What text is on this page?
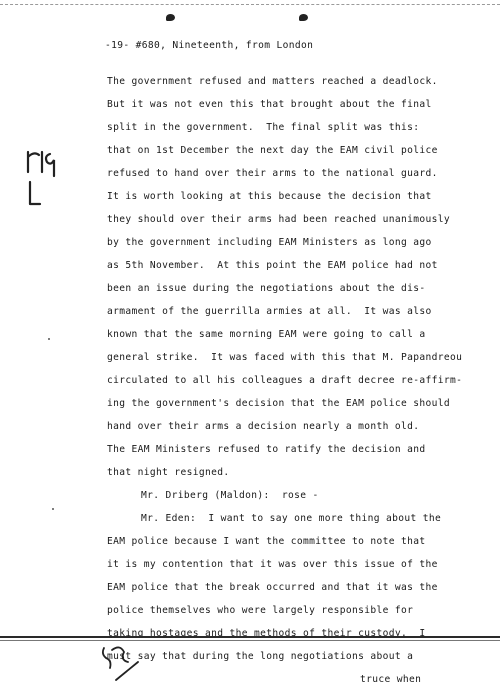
-19- #680, Nineteenth, from London
The government refused and matters reached a deadlock.
But it was not even this that brought about the final
split in the government.  The final split was this:
that on 1st December the next day the EAM civil police
refused to hand over their arms to the national guard.
It is worth looking at this because the decision that
they should over their arms had been reached unanimously
by the government including EAM Ministers as long ago
as 5th November.  At this point the EAM police had not
been an issue during the negotiations about the dis-
armament of the guerrilla armies at all.  It was also
known that the same morning EAM were going to call a
general strike.  It was faced with this that M. Papandreou
circulated to all his colleagues a draft decree re-affirm-
ing the government's decision that the EAM police should
hand over their arms a decision nearly a month old.
The EAM Ministers refused to ratify the decision and
that night resigned.
Mr. Driberg (Maldon):  rose -
Mr. Eden:  I want to say one more thing about the
EAM police because I want the committee to note that
it is my contention that it was over this issue of the
EAM police that the break occurred and that it was the
police themselves who were largely responsible for
taking hostages and the methods of their custody.  I
must say that during the long negotiations about a
truce when
